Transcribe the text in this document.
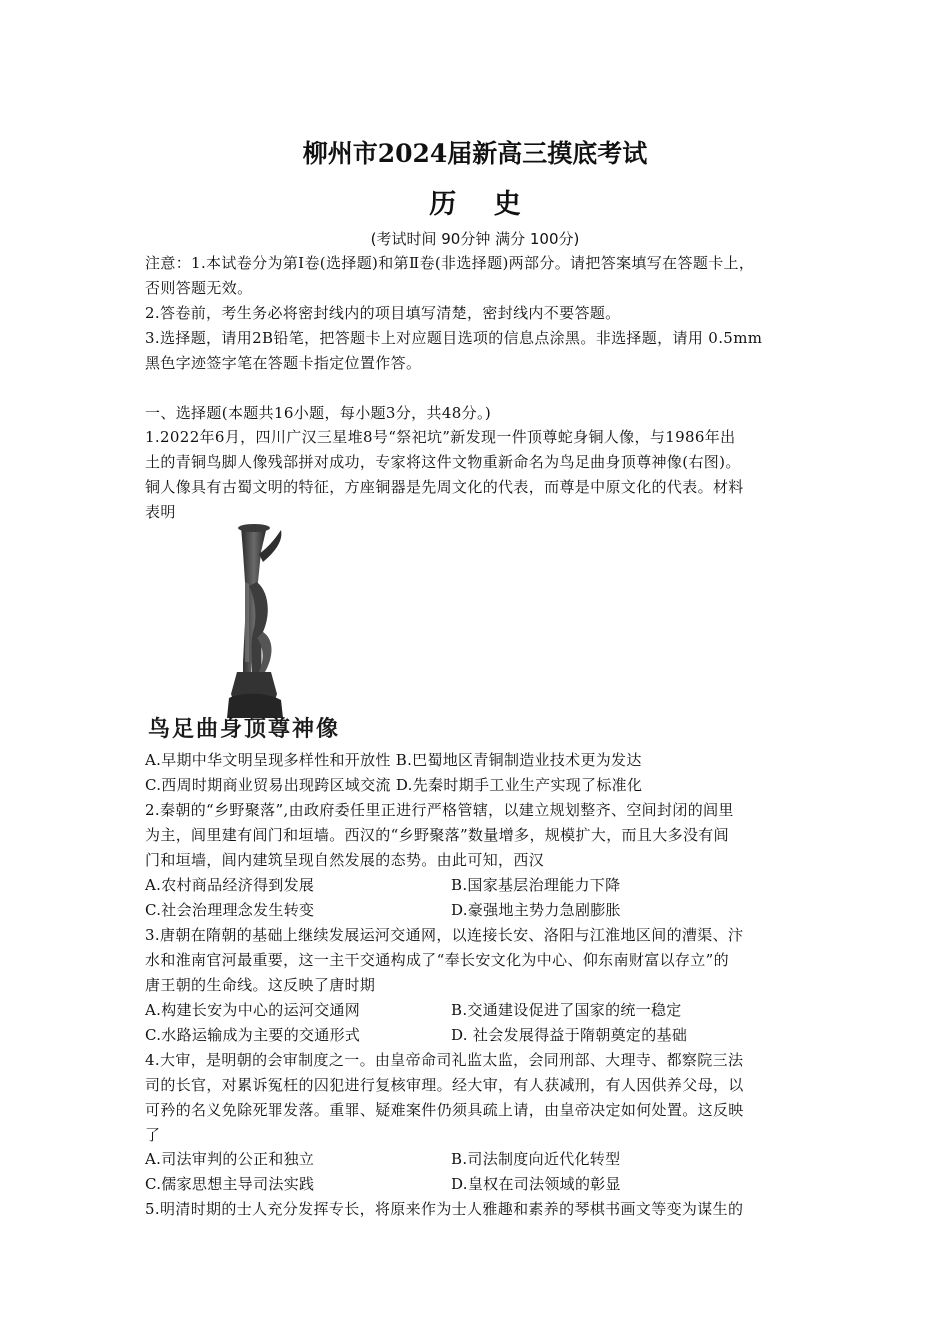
柳州市2024届新高三摸底考试
历 史
(考试时间 90分钟 满分 100分)
注意：1.本试卷分为第Ⅰ卷(选择题)和第Ⅱ卷(非选择题)两部分。请把答案填写在答题卡上，
否则答题无效。
2.答卷前，考生务必将密封线内的项目填写清楚，密封线内不要答题。
3.选择题，请用2B铅笔，把答题卡上对应题目选项的信息点涂黑。非选择题，请用 0.5mm
黑色字迹签字笔在答题卡指定位置作答。
一、选择题(本题共16小题，每小题3分，共48分。)
1.2022年6月，四川广汉三星堆8号“祭祀坑”新发现一件顶尊蛇身铜人像，与1986年出
土的青铜鸟脚人像残部拼对成功，专家将这件文物重新命名为鸟足曲身顶尊神像(右图)。
铜人像具有古蜀文明的特征，方座铜器是先周文化的代表，而尊是中原文化的代表。材料
表明
鸟足曲身顶尊神像
A.早期中华文明呈现多样性和开放性 B.巴蜀地区青铜制造业技术更为发达
C.西周时期商业贸易出现跨区域交流 D.先秦时期手工业生产实现了标准化
2.秦朝的“乡野聚落”,由政府委任里正进行严格管辖，以建立规划整齐、空间封闭的闾里
为主，闾里建有闾门和垣墙。西汉的“乡野聚落”数量增多，规模扩大，而且大多没有闾
门和垣墙，闾内建筑呈现自然发展的态势。由此可知，西汉
A.农村商品经济得到发展	B.国家基层治理能力下降
C.社会治理理念发生转变	D.豪强地主势力急剧膨胀
3.唐朝在隋朝的基础上继续发展运河交通网，以连接长安、洛阳与江淮地区间的漕渠、汴
水和淮南官河最重要，这一主干交通构成了“奉长安文化为中心、仰东南财富以存立”的
唐王朝的生命线。这反映了唐时期
A.构建长安为中心的运河交通网	B.交通建设促进了国家的统一稳定
C.水路运输成为主要的交通形式	D. 社会发展得益于隋朝奠定的基础
4.大审，是明朝的会审制度之一。由皇帝命司礼监太监，会同刑部、大理寺、都察院三法
司的长官，对累诉冤枉的囚犯进行复核审理。经大审，有人获减刑，有人因供养父母，以
可矜的名义免除死罪发落。重罪、疑难案件仍须具疏上请，由皇帝决定如何处置。这反映
了
A.司法审判的公正和独立	B.司法制度向近代化转型
C.儒家思想主导司法实践	D.皇权在司法领域的彰显
5.明清时期的士人充分发挥专长，将原来作为士人雅趣和素养的琴棋书画文等变为谋生的
